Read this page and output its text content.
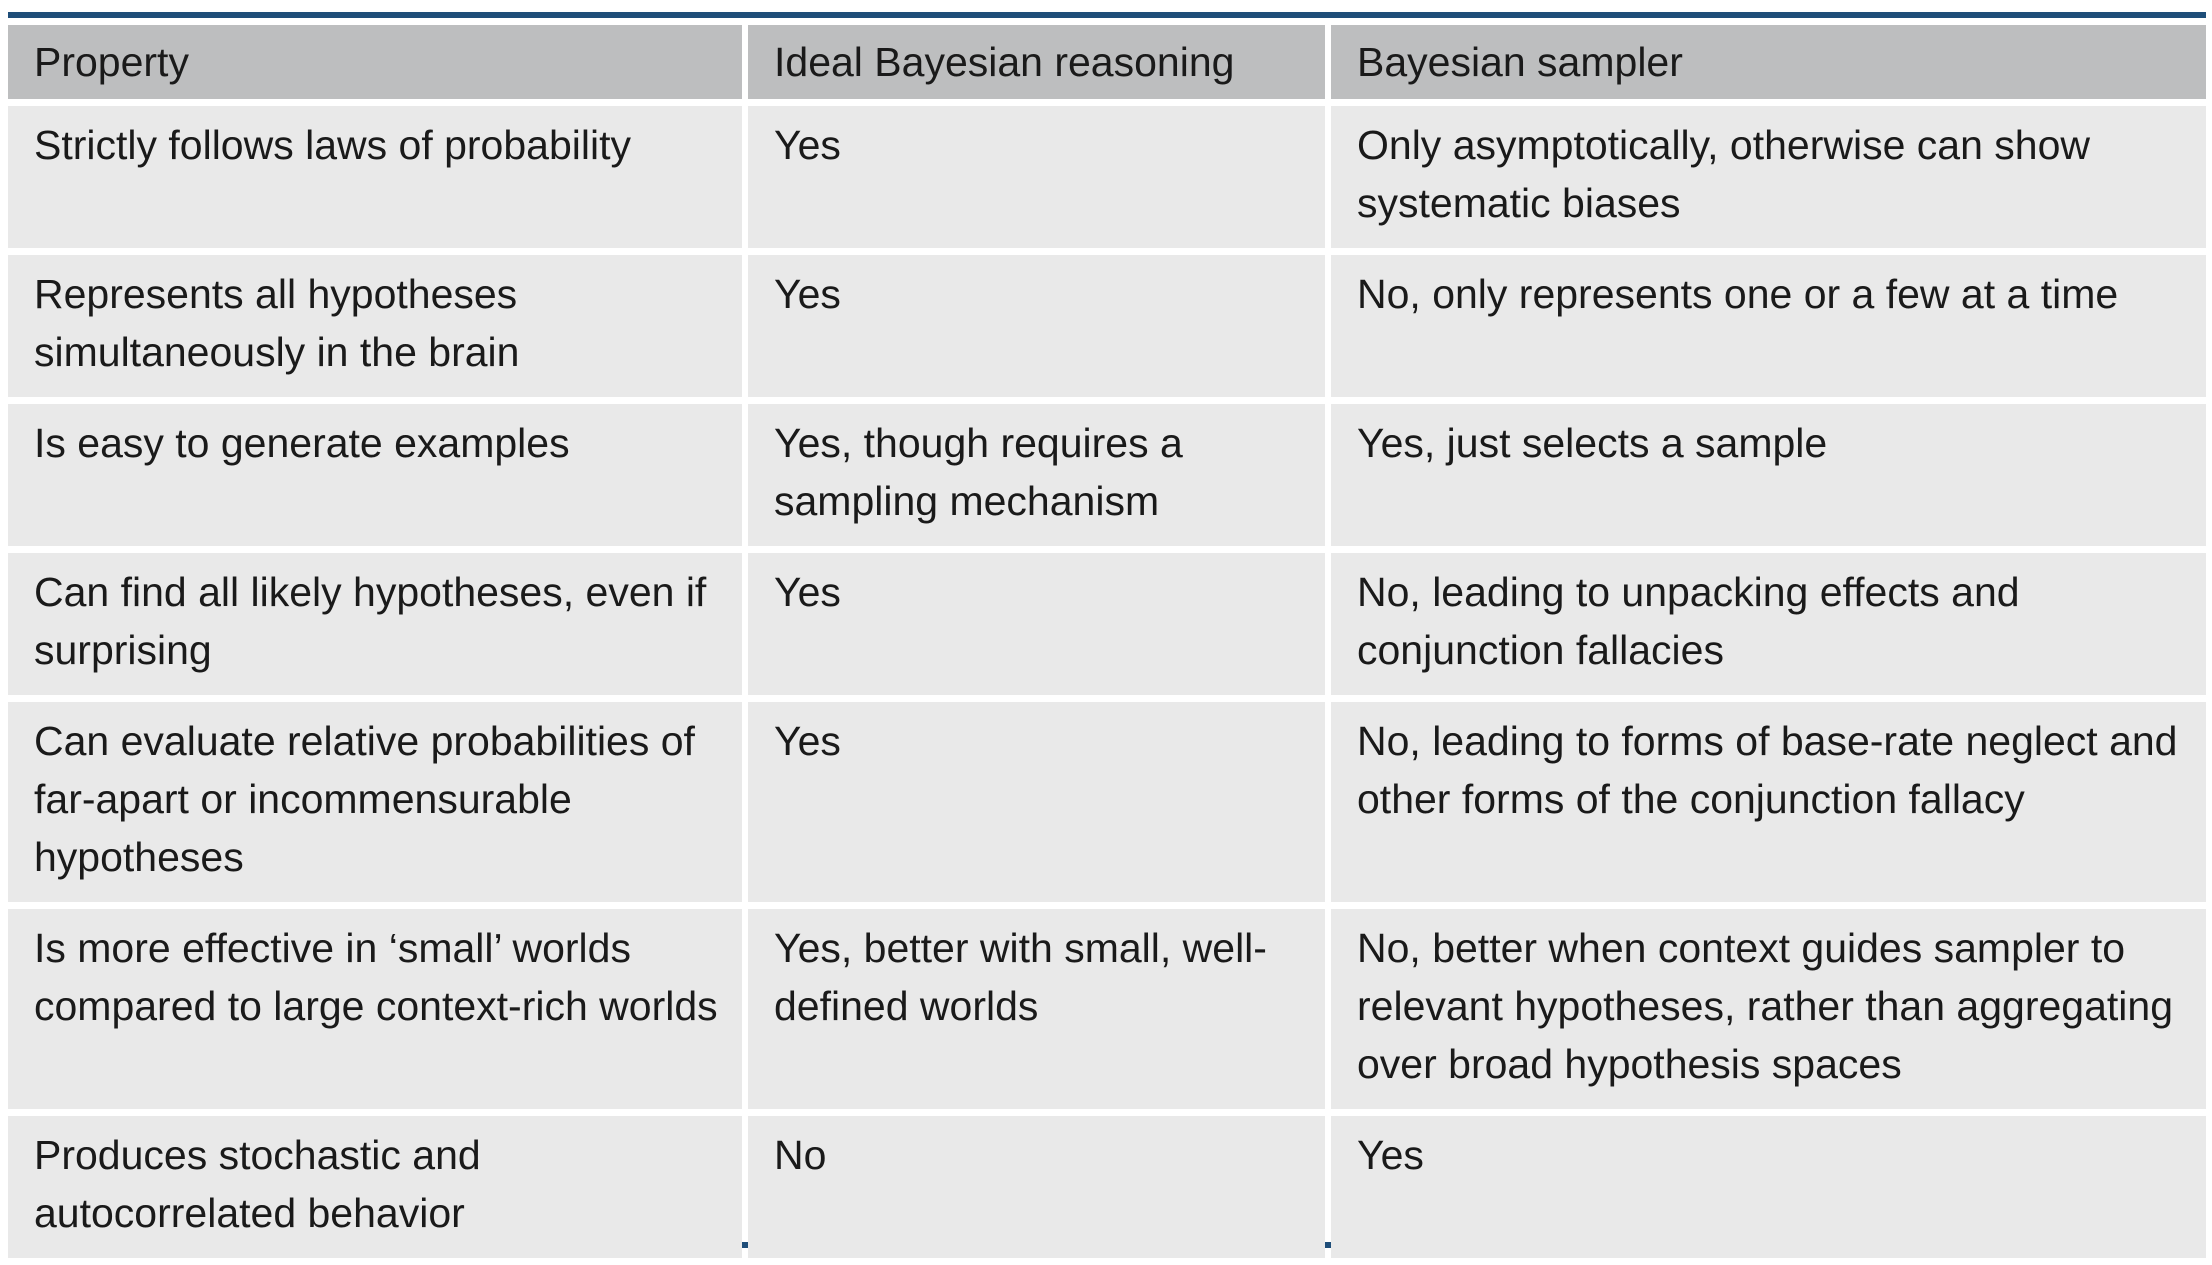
Property	Ideal Bayesian reasoning	Bayesian sampler
Strictly follows laws of probability	Yes	Only asymptotically, otherwise can show systematic biases
Represents all hypotheses simultaneously in the brain	Yes	No, only represents one or a few at a time
Is easy to generate examples	Yes, though requires a sampling mechanism	Yes, just selects a sample
Can find all likely hypotheses, even if surprising	Yes	No, leading to unpacking effects and conjunction fallacies
Can evaluate relative probabilities of far-apart or incommensurable hypotheses	Yes	No, leading to forms of base-rate neglect and other forms of the conjunction fallacy
Is more effective in ‘small’ worlds compared to large context-rich worlds	Yes, better with small, well-defined worlds	No, better when context guides sampler to relevant hypotheses, rather than aggregating over broad hypothesis spaces
Produces stochastic and autocorrelated behavior	No	Yes
